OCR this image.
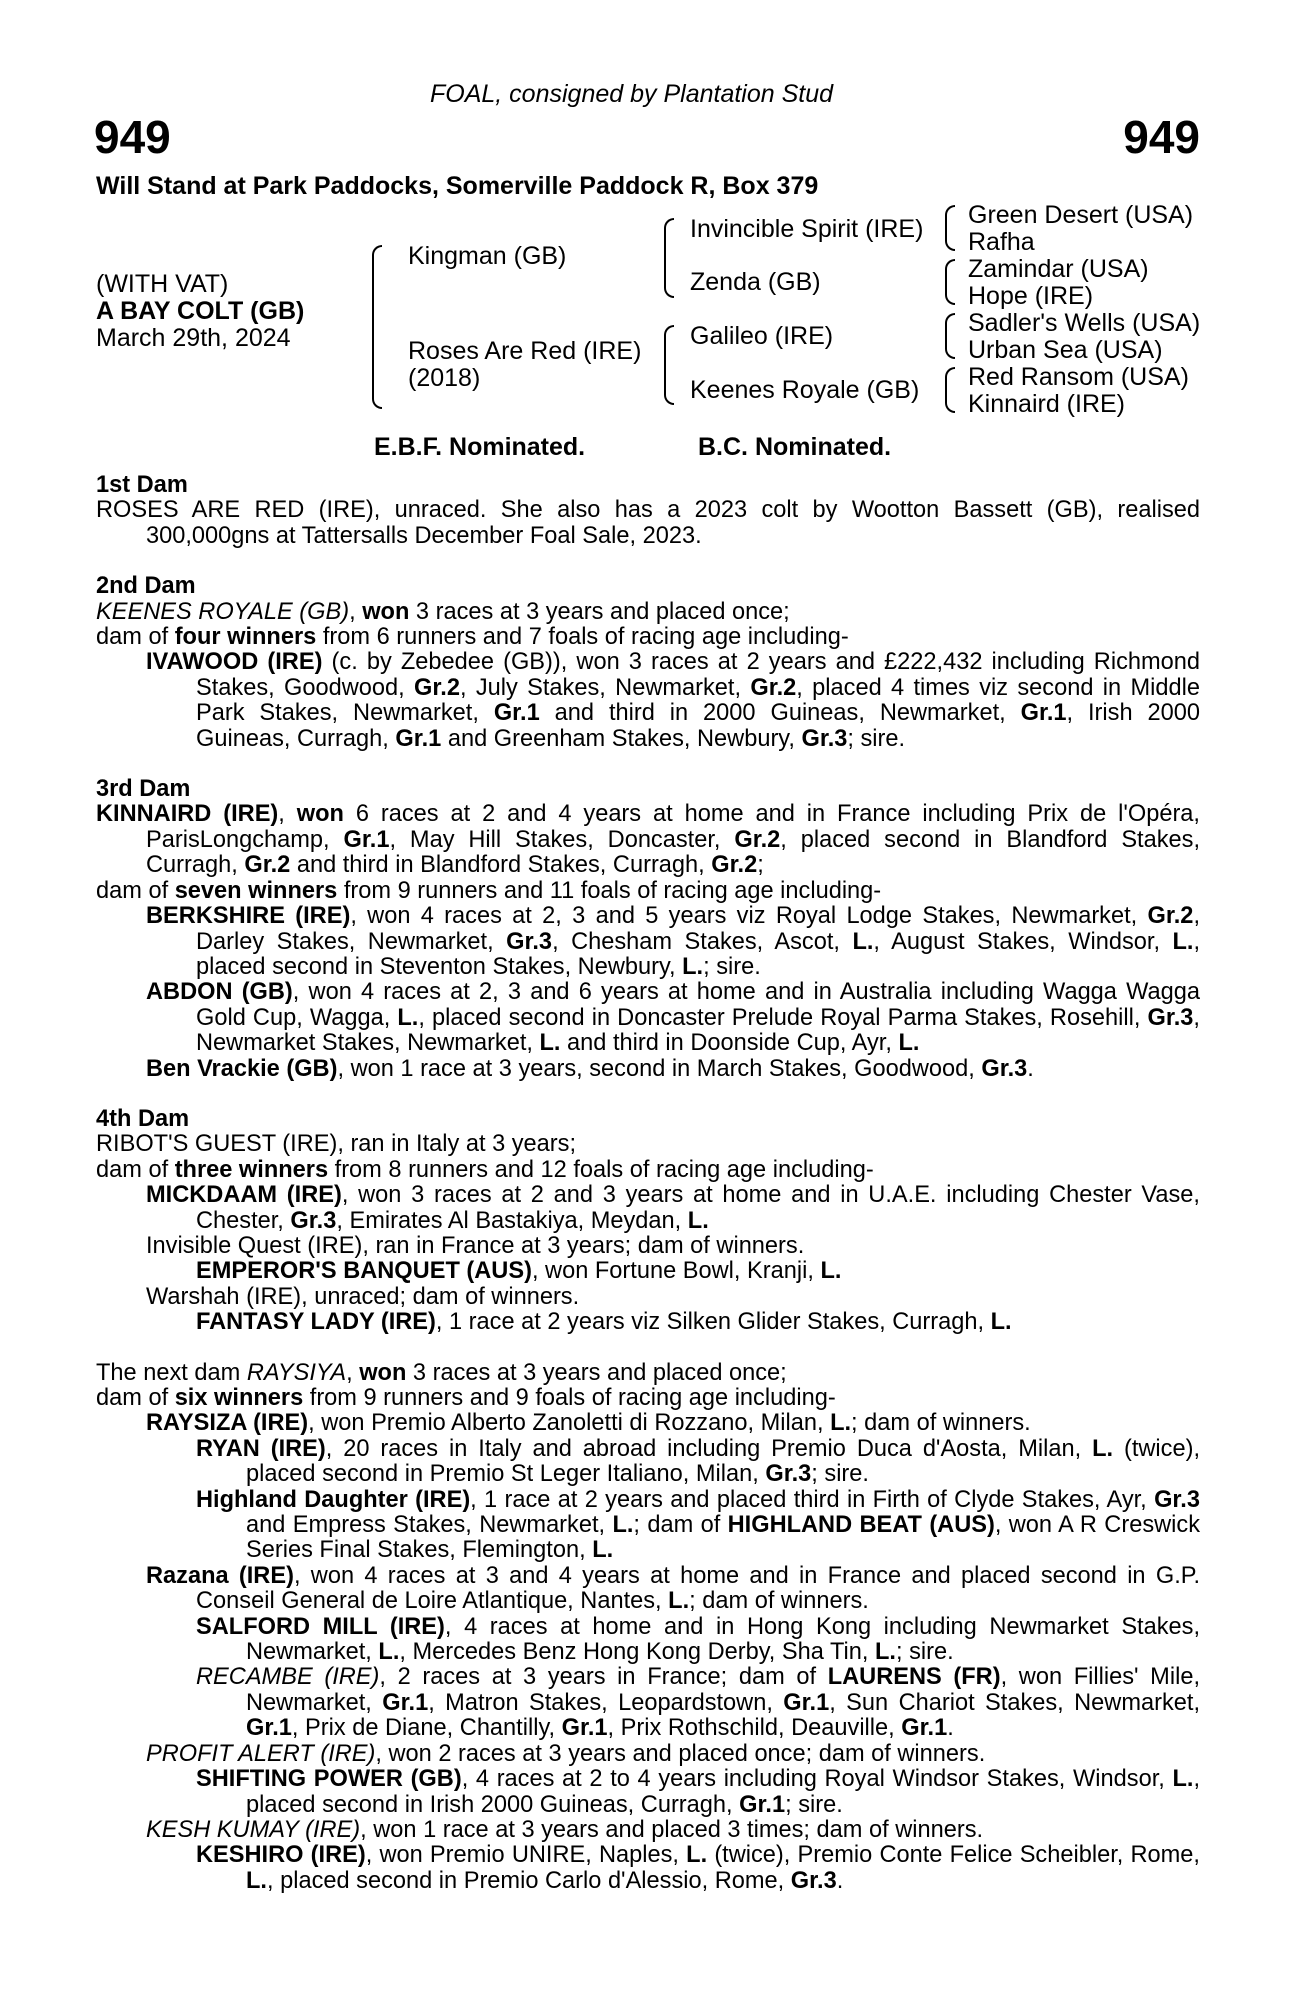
FOAL, consigned by Plantation Stud
949	949
Will Stand at Park Paddocks, Somerville Paddock R, Box 379
(WITH VAT)
A BAY COLT (GB)
March 29th, 2024
Kingman (GB)
Roses Are Red (IRE)
(2018)
Invincible Spirit (IRE)
Zenda (GB)
Galileo (IRE)
Keenes Royale (GB)
Green Desert (USA)
Rafha
Zamindar (USA)
Hope (IRE)
Sadler's Wells (USA)
Urban Sea (USA)
Red Ransom (USA)
Kinnaird (IRE)
E.B.F. Nominated.	B.C. Nominated.
1st Dam
ROSES ARE RED (IRE), unraced. She also has a 2023 colt by Wootton Bassett (GB), realised 300,000gns at Tattersalls December Foal Sale, 2023.
2nd Dam
KEENES ROYALE (GB), won 3 races at 3 years and placed once;
dam of four winners from 6 runners and 7 foals of racing age including-
IVAWOOD (IRE) (c. by Zebedee (GB)), won 3 races at 2 years and £222,432 including Richmond Stakes, Goodwood, Gr.2, July Stakes, Newmarket, Gr.2, placed 4 times viz second in Middle Park Stakes, Newmarket, Gr.1 and third in 2000 Guineas, Newmarket, Gr.1, Irish 2000 Guineas, Curragh, Gr.1 and Greenham Stakes, Newbury, Gr.3; sire.
3rd Dam
KINNAIRD (IRE), won 6 races at 2 and 4 years at home and in France including Prix de l'Opéra, ParisLongchamp, Gr.1, May Hill Stakes, Doncaster, Gr.2, placed second in Blandford Stakes, Curragh, Gr.2 and third in Blandford Stakes, Curragh, Gr.2;
dam of seven winners from 9 runners and 11 foals of racing age including-
BERKSHIRE (IRE), won 4 races at 2, 3 and 5 years viz Royal Lodge Stakes, Newmarket, Gr.2, Darley Stakes, Newmarket, Gr.3, Chesham Stakes, Ascot, L., August Stakes, Windsor, L., placed second in Steventon Stakes, Newbury, L.; sire.
ABDON (GB), won 4 races at 2, 3 and 6 years at home and in Australia including Wagga Wagga Gold Cup, Wagga, L., placed second in Doncaster Prelude Royal Parma Stakes, Rosehill, Gr.3, Newmarket Stakes, Newmarket, L. and third in Doonside Cup, Ayr, L.
Ben Vrackie (GB), won 1 race at 3 years, second in March Stakes, Goodwood, Gr.3.
4th Dam
RIBOT'S GUEST (IRE), ran in Italy at 3 years;
dam of three winners from 8 runners and 12 foals of racing age including-
MICKDAAM (IRE), won 3 races at 2 and 3 years at home and in U.A.E. including Chester Vase, Chester, Gr.3, Emirates Al Bastakiya, Meydan, L.
Invisible Quest (IRE), ran in France at 3 years; dam of winners.
EMPEROR'S BANQUET (AUS), won Fortune Bowl, Kranji, L.
Warshah (IRE), unraced; dam of winners.
FANTASY LADY (IRE), 1 race at 2 years viz Silken Glider Stakes, Curragh, L.
The next dam RAYSIYA, won 3 races at 3 years and placed once;
dam of six winners from 9 runners and 9 foals of racing age including-
RAYSIZA (IRE), won Premio Alberto Zanoletti di Rozzano, Milan, L.; dam of winners.
RYAN (IRE), 20 races in Italy and abroad including Premio Duca d'Aosta, Milan, L. (twice), placed second in Premio St Leger Italiano, Milan, Gr.3; sire.
Highland Daughter (IRE), 1 race at 2 years and placed third in Firth of Clyde Stakes, Ayr, Gr.3 and Empress Stakes, Newmarket, L.; dam of HIGHLAND BEAT (AUS), won A R Creswick Series Final Stakes, Flemington, L.
Razana (IRE), won 4 races at 3 and 4 years at home and in France and placed second in G.P. Conseil General de Loire Atlantique, Nantes, L.; dam of winners.
SALFORD MILL (IRE), 4 races at home and in Hong Kong including Newmarket Stakes, Newmarket, L., Mercedes Benz Hong Kong Derby, Sha Tin, L.; sire.
RECAMBE (IRE), 2 races at 3 years in France; dam of LAURENS (FR), won Fillies' Mile, Newmarket, Gr.1, Matron Stakes, Leopardstown, Gr.1, Sun Chariot Stakes, Newmarket, Gr.1, Prix de Diane, Chantilly, Gr.1, Prix Rothschild, Deauville, Gr.1.
PROFIT ALERT (IRE), won 2 races at 3 years and placed once; dam of winners.
SHIFTING POWER (GB), 4 races at 2 to 4 years including Royal Windsor Stakes, Windsor, L., placed second in Irish 2000 Guineas, Curragh, Gr.1; sire.
KESH KUMAY (IRE), won 1 race at 3 years and placed 3 times; dam of winners.
KESHIRO (IRE), won Premio UNIRE, Naples, L. (twice), Premio Conte Felice Scheibler, Rome, L., placed second in Premio Carlo d'Alessio, Rome, Gr.3.
